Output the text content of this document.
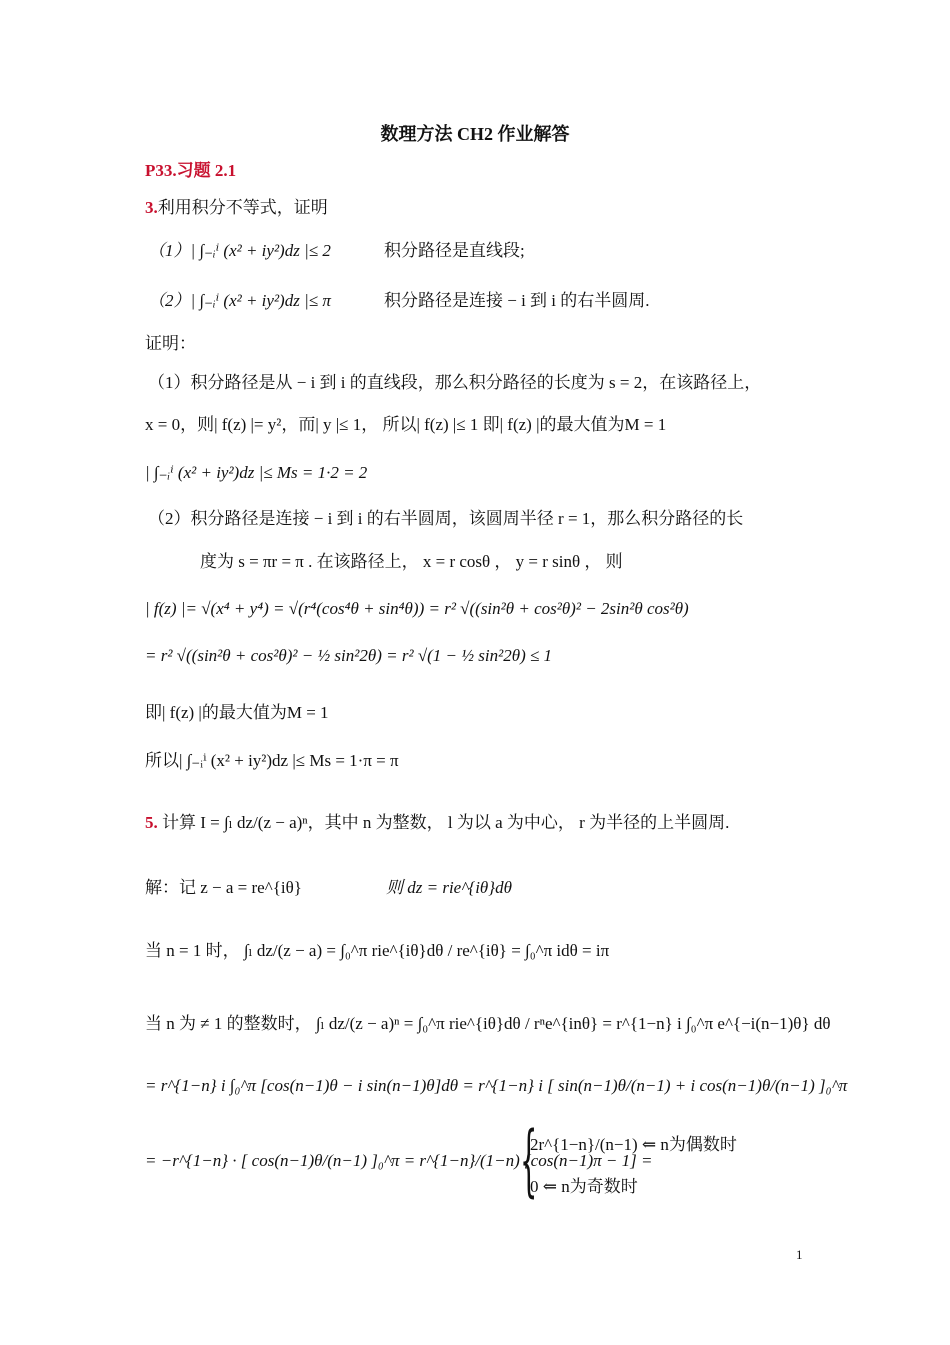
数理方法 CH2 作业解答
P33.习题 2.1
3.利用积分不等式，证明
（1）| ∫₋ᵢⁱ (x² + iy²)dz |≤ 2	积分路径是直线段;
（2）| ∫₋ᵢⁱ (x² + iy²)dz |≤ π	积分路径是连接 − i 到 i 的右半圆周.
证明：
（1）积分路径是从 − i 到 i 的直线段，那么积分路径的长度为 s = 2，在该路径上，
x = 0，则| f(z) |= y²，而| y |≤ 1， 所以| f(z) |≤ 1 即| f(z) |的最大值为M = 1
| ∫₋ᵢⁱ (x² + iy²)dz |≤ Ms = 1·2 = 2
（2）积分路径是连接 − i 到 i 的右半圆周，该圆周半径 r = 1，那么积分路径的长
度为 s = πr = π . 在该路径上， x = r cosθ ， y = r sinθ ， 则
| f(z) |= √(x⁴ + y⁴) = √(r⁴(cos⁴θ + sin⁴θ)) = r² √((sin²θ + cos²θ)² − 2sin²θ cos²θ)
= r² √((sin²θ + cos²θ)² − ½ sin²2θ) = r² √(1 − ½ sin²2θ) ≤ 1
即| f(z) |的最大值为M = 1
所以| ∫₋ᵢⁱ (x² + iy²)dz |≤ Ms = 1·π = π
5. 计算 I = ∫ₗ dz/(z − a)ⁿ，其中 n 为整数， l 为以 a 为中心， r 为半径的上半圆周.
解：记 z − a = re^{iθ}	则 dz = rie^{iθ}dθ
当 n = 1 时， ∫ₗ dz/(z − a) = ∫₀^π rie^{iθ}dθ / re^{iθ} = ∫₀^π idθ = iπ
当 n 为 ≠ 1 的整数时， ∫ₗ dz/(z − a)ⁿ = ∫₀^π rie^{iθ}dθ / rⁿe^{inθ} = r^{1−n} i ∫₀^π e^{−i(n−1)θ} dθ
= r^{1−n} i ∫₀^π [cos(n−1)θ − i sin(n−1)θ]dθ = r^{1−n} i [ sin(n−1)θ/(n−1) + i cos(n−1)θ/(n−1) ]₀^π
= −r^{1−n} · [ cos(n−1)θ/(n−1) ]₀^π = r^{1−n}/(1−n) [cos(n−1)π − 1] =
{
2r^{1−n}/(n−1) ⇐ n为偶数时
0 ⇐ n为奇数时
1
